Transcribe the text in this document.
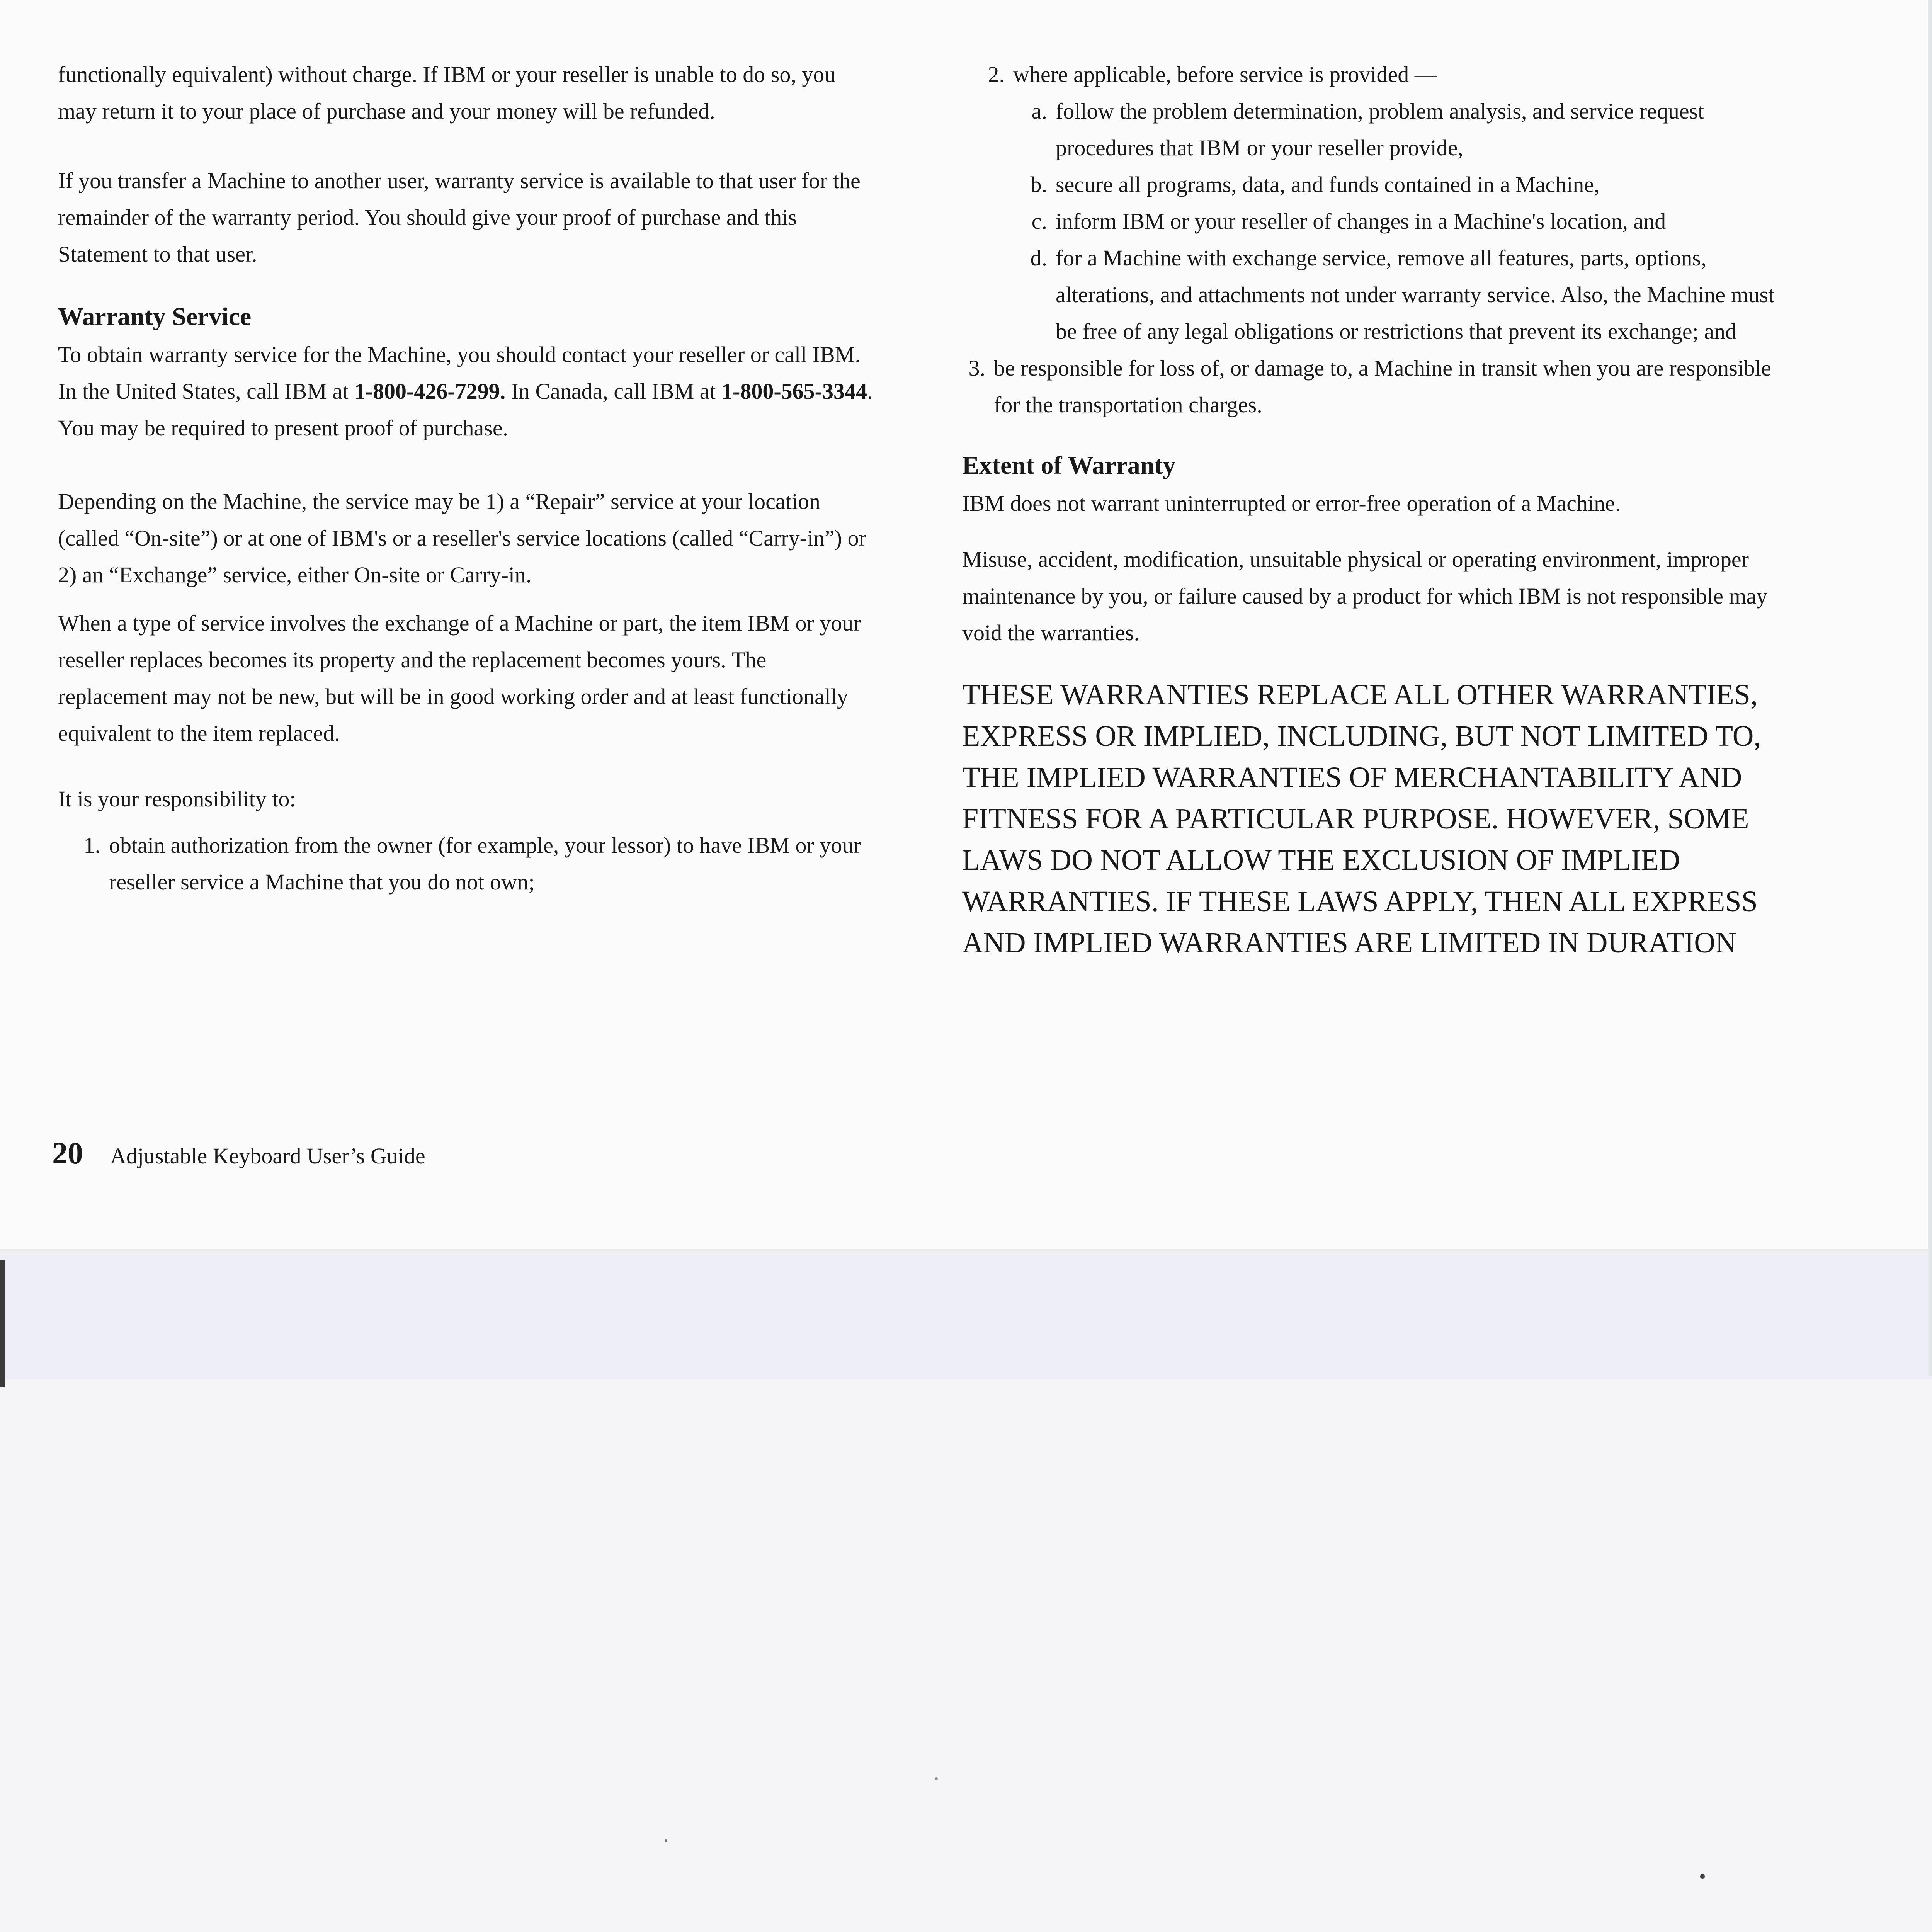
functionally equivalent) without charge. If IBM or your reseller is unable to do so, you may return it to your place of purchase and your money will be refunded.

If you transfer a Machine to another user, warranty service is available to that user for the remainder of the warranty period. You should give your proof of purchase and this Statement to that user.

Warranty Service

To obtain warranty service for the Machine, you should contact your reseller or call IBM. In the United States, call IBM at 1-800-426-7299. In Canada, call IBM at 1-800-565-3344. You may be required to present proof of purchase.

Depending on the Machine, the service may be 1) a “Repair” service at your location (called “On-site”) or at one of IBM's or a reseller's service locations (called “Carry-in”) or 2) an “Exchange” service, either On-site or Carry-in.

When a type of service involves the exchange of a Machine or part, the item IBM or your reseller replaces becomes its property and the replacement becomes yours. The replacement may not be new, but will be in good working order and at least functionally equivalent to the item replaced.

It is your responsibility to:

1. obtain authorization from the owner (for example, your lessor) to have IBM or your reseller service a Machine that you do not own;
2. where applicable, before service is provided —
a. follow the problem determination, problem analysis, and service request procedures that IBM or your reseller provide,
b. secure all programs, data, and funds contained in a Machine,
c. inform IBM or your reseller of changes in a Machine's location, and
d. for a Machine with exchange service, remove all features, parts, options, alterations, and attachments not under warranty service. Also, the Machine must be free of any legal obligations or restrictions that prevent its exchange; and
3. be responsible for loss of, or damage to, a Machine in transit when you are responsible for the transportation charges.

Extent of Warranty

IBM does not warrant uninterrupted or error-free operation of a Machine.

Misuse, accident, modification, unsuitable physical or operating environment, improper maintenance by you, or failure caused by a product for which IBM is not responsible may void the warranties.

THESE WARRANTIES REPLACE ALL OTHER WARRANTIES, EXPRESS OR IMPLIED, INCLUDING, BUT NOT LIMITED TO, THE IMPLIED WARRANTIES OF MERCHANTABILITY AND FITNESS FOR A PARTICULAR PURPOSE. HOWEVER, SOME LAWS DO NOT ALLOW THE EXCLUSION OF IMPLIED WARRANTIES. IF THESE LAWS APPLY, THEN ALL EXPRESS AND IMPLIED WARRANTIES ARE LIMITED IN DURATION

20 Adjustable Keyboard User’s Guide
